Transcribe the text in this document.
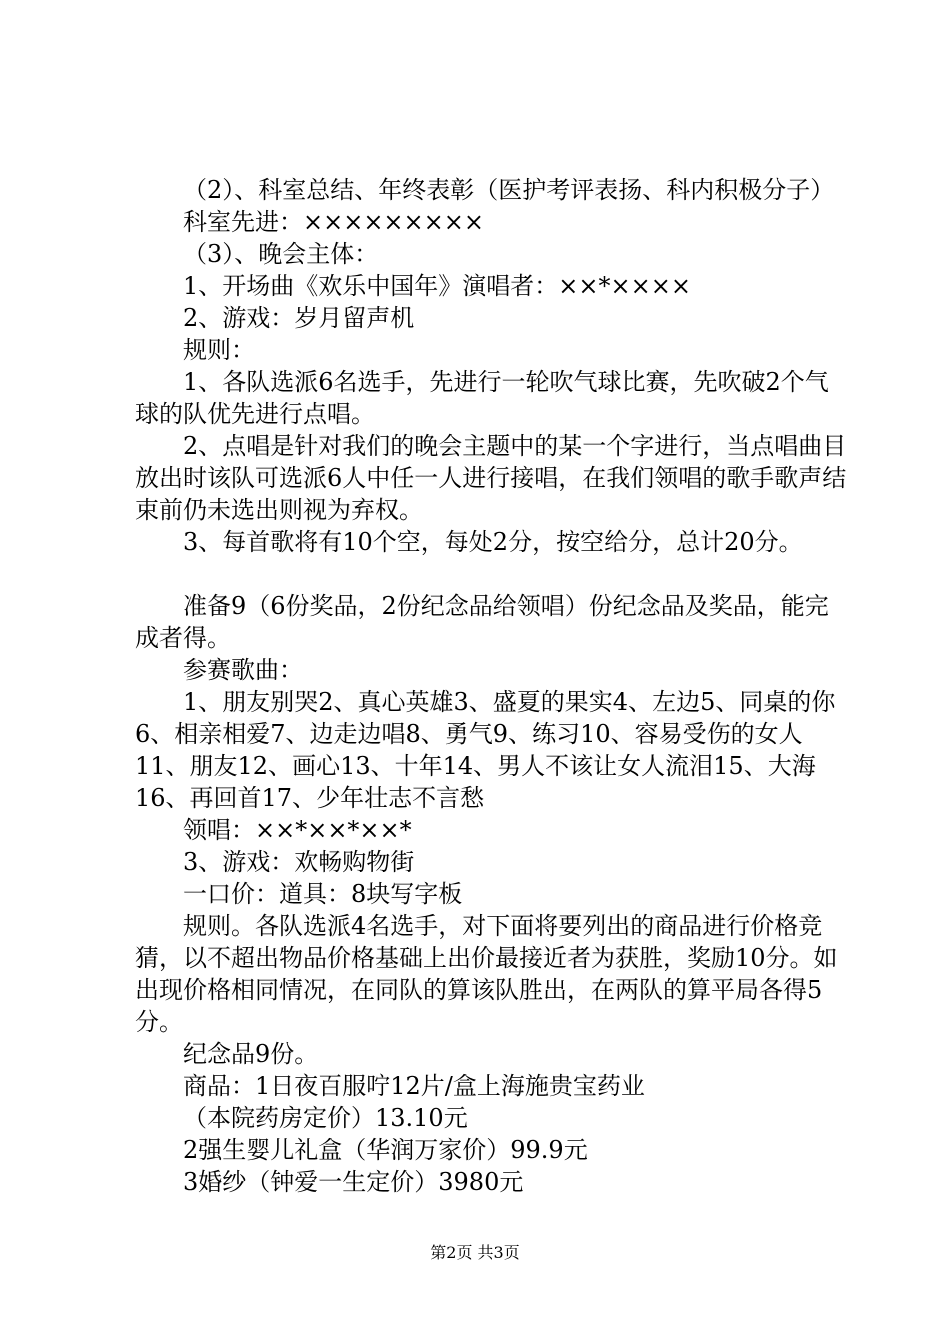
（2）、科室总结、年终表彰（医护考评表扬、科内积极分子）

科室先进：×××××××××

（3）、晚会主体：

1、开场曲《欢乐中国年》演唱者：××*××××

2、游戏：岁月留声机

规则：

1、各队选派6名选手，先进行一轮吹气球比赛，先吹破2个气球的队优先进行点唱。

2、点唱是针对我们的晚会主题中的某一个字进行，当点唱曲目放出时该队可选派6人中任一人进行接唱，在我们领唱的歌手歌声结束前仍未选出则视为弃权。

3、每首歌将有10个空，每处2分，按空给分，总计20分。

准备9（6份奖品，2份纪念品给领唱）份纪念品及奖品，能完成者得。

参赛歌曲：

1、朋友别哭2、真心英雄3、盛夏的果实4、左边5、同桌的你6、相亲相爱7、边走边唱8、勇气9、练习10、容易受伤的女人11、朋友12、画心13、十年14、男人不该让女人流泪15、大海16、再回首17、少年壮志不言愁

领唱：××*××*××*

3、游戏：欢畅购物街

一口价：道具：8块写字板

规则。各队选派4名选手，对下面将要列出的商品进行价格竞猜，以不超出物品价格基础上出价最接近者为获胜，奖励10分。如出现价格相同情况，在同队的算该队胜出，在两队的算平局各得5分。

纪念品9份。

商品：1日夜百服咛12片/盒上海施贵宝药业

（本院药房定价）13.10元

2强生婴儿礼盒（华润万家价）99.9元

3婚纱（钟爱一生定价）3980元

第2页 共3页
